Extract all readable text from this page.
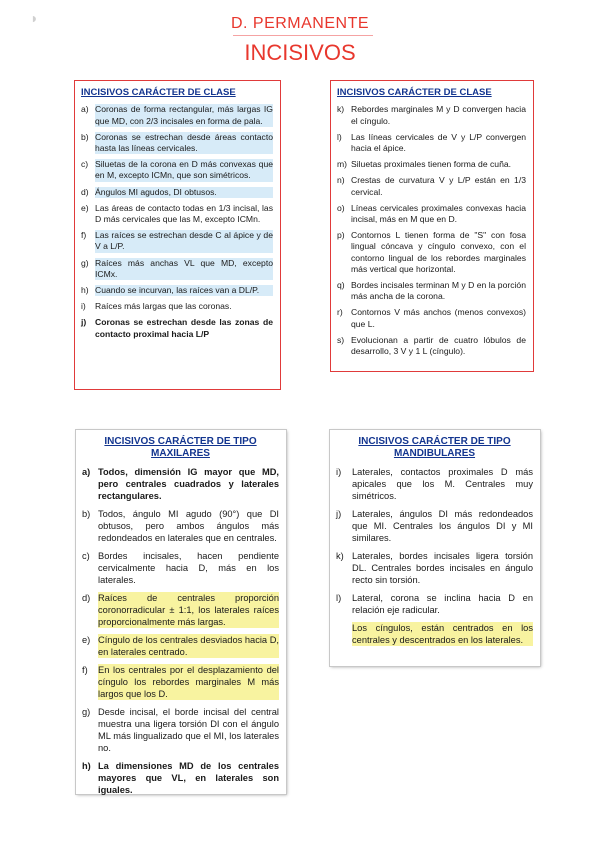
◗	D. PERMANENTE
INCISIVOS
INCISIVOS CARÁCTER DE CLASE
a) Coronas de forma rectangular, más largas IG que MD, con 2/3 incisales en forma de pala.
b) Coronas se estrechan desde áreas contacto hasta las líneas cervicales.
c) Siluetas de la corona en D más convexas que en M, excepto ICMn, que son simétricos.
d) Ángulos MI agudos, DI obtusos.
e) Las áreas de contacto todas en 1/3 incisal, las D más cervicales que las M, excepto ICMn.
f)	Las raíces se estrechan desde C al ápice y de V a L/P.
g) Raíces más anchas VL que MD, excepto ICMx.
h) Cuando se incurvan, las raíces van a DL/P.
i)	Raíces más largas que las coronas.
j)	Coronas se estrechan desde las zonas de contacto proximal hacia L/P
INCISIVOS CARÁCTER DE CLASE
k) Rebordes marginales M y D convergen hacia el cíngulo.
l)	Las líneas cervicales de V y L/P convergen hacia el ápice.
m) Siluetas proximales tienen forma de cuña.
n) Crestas de curvatura V y L/P están en 1/3 cervical.
o) Líneas cervicales proximales convexas hacia incisal, más en M que en D.
p) Contornos L tienen forma de "S" con fosa lingual cóncava y cíngulo convexo, con el contorno lingual de los rebordes marginales más vertical que horizontal.
q) Bordes incisales terminan M y D en la porción más ancha de la corona.
r) Contornos V más anchos (menos convexos) que L.
s) Evolucionan a partir de cuatro lóbulos de desarrollo, 3 V y 1 L (cíngulo).
INCISIVOS CARÁCTER DE TIPO
MAXILARES
a) Todos, dimensión IG mayor que MD, pero centrales cuadrados y laterales rectangulares.
b) Todos, ángulo MI agudo (90°) que DI obtusos, pero ambos ángulos más redondeados en laterales que en centrales.
c) Bordes incisales, hacen pendiente cervicalmente hacia D, más en los laterales.
d) Raíces de centrales proporción coronorradicular ± 1:1, los laterales raíces proporcionalmente más largas.
e) Cíngulo de los centrales desviados hacia D, en laterales centrado.
f)	En los centrales por el desplazamiento del cíngulo los rebordes marginales M más largos que los D.
g) Desde incisal, el borde incisal del central muestra una ligera torsión DI con el ángulo ML más lingualizado que el MI, los laterales no.
h) La dimensiones MD de los centrales mayores que VL, en laterales son iguales.
INCISIVOS CARÁCTER DE TIPO
MANDIBULARES
i)	Laterales, contactos proximales D más apicales que los M. Centrales muy simétricos.
j)	Laterales, ángulos DI más redondeados que MI. Centrales los ángulos DI y MI similares.
k) Laterales, bordes incisales ligera torsión DL. Centrales bordes incisales en ángulo recto sin torsión.
l)	Lateral, corona se inclina hacia D en relación eje radicular.
Los cíngulos, están centrados en los centrales y descentrados en los laterales.
